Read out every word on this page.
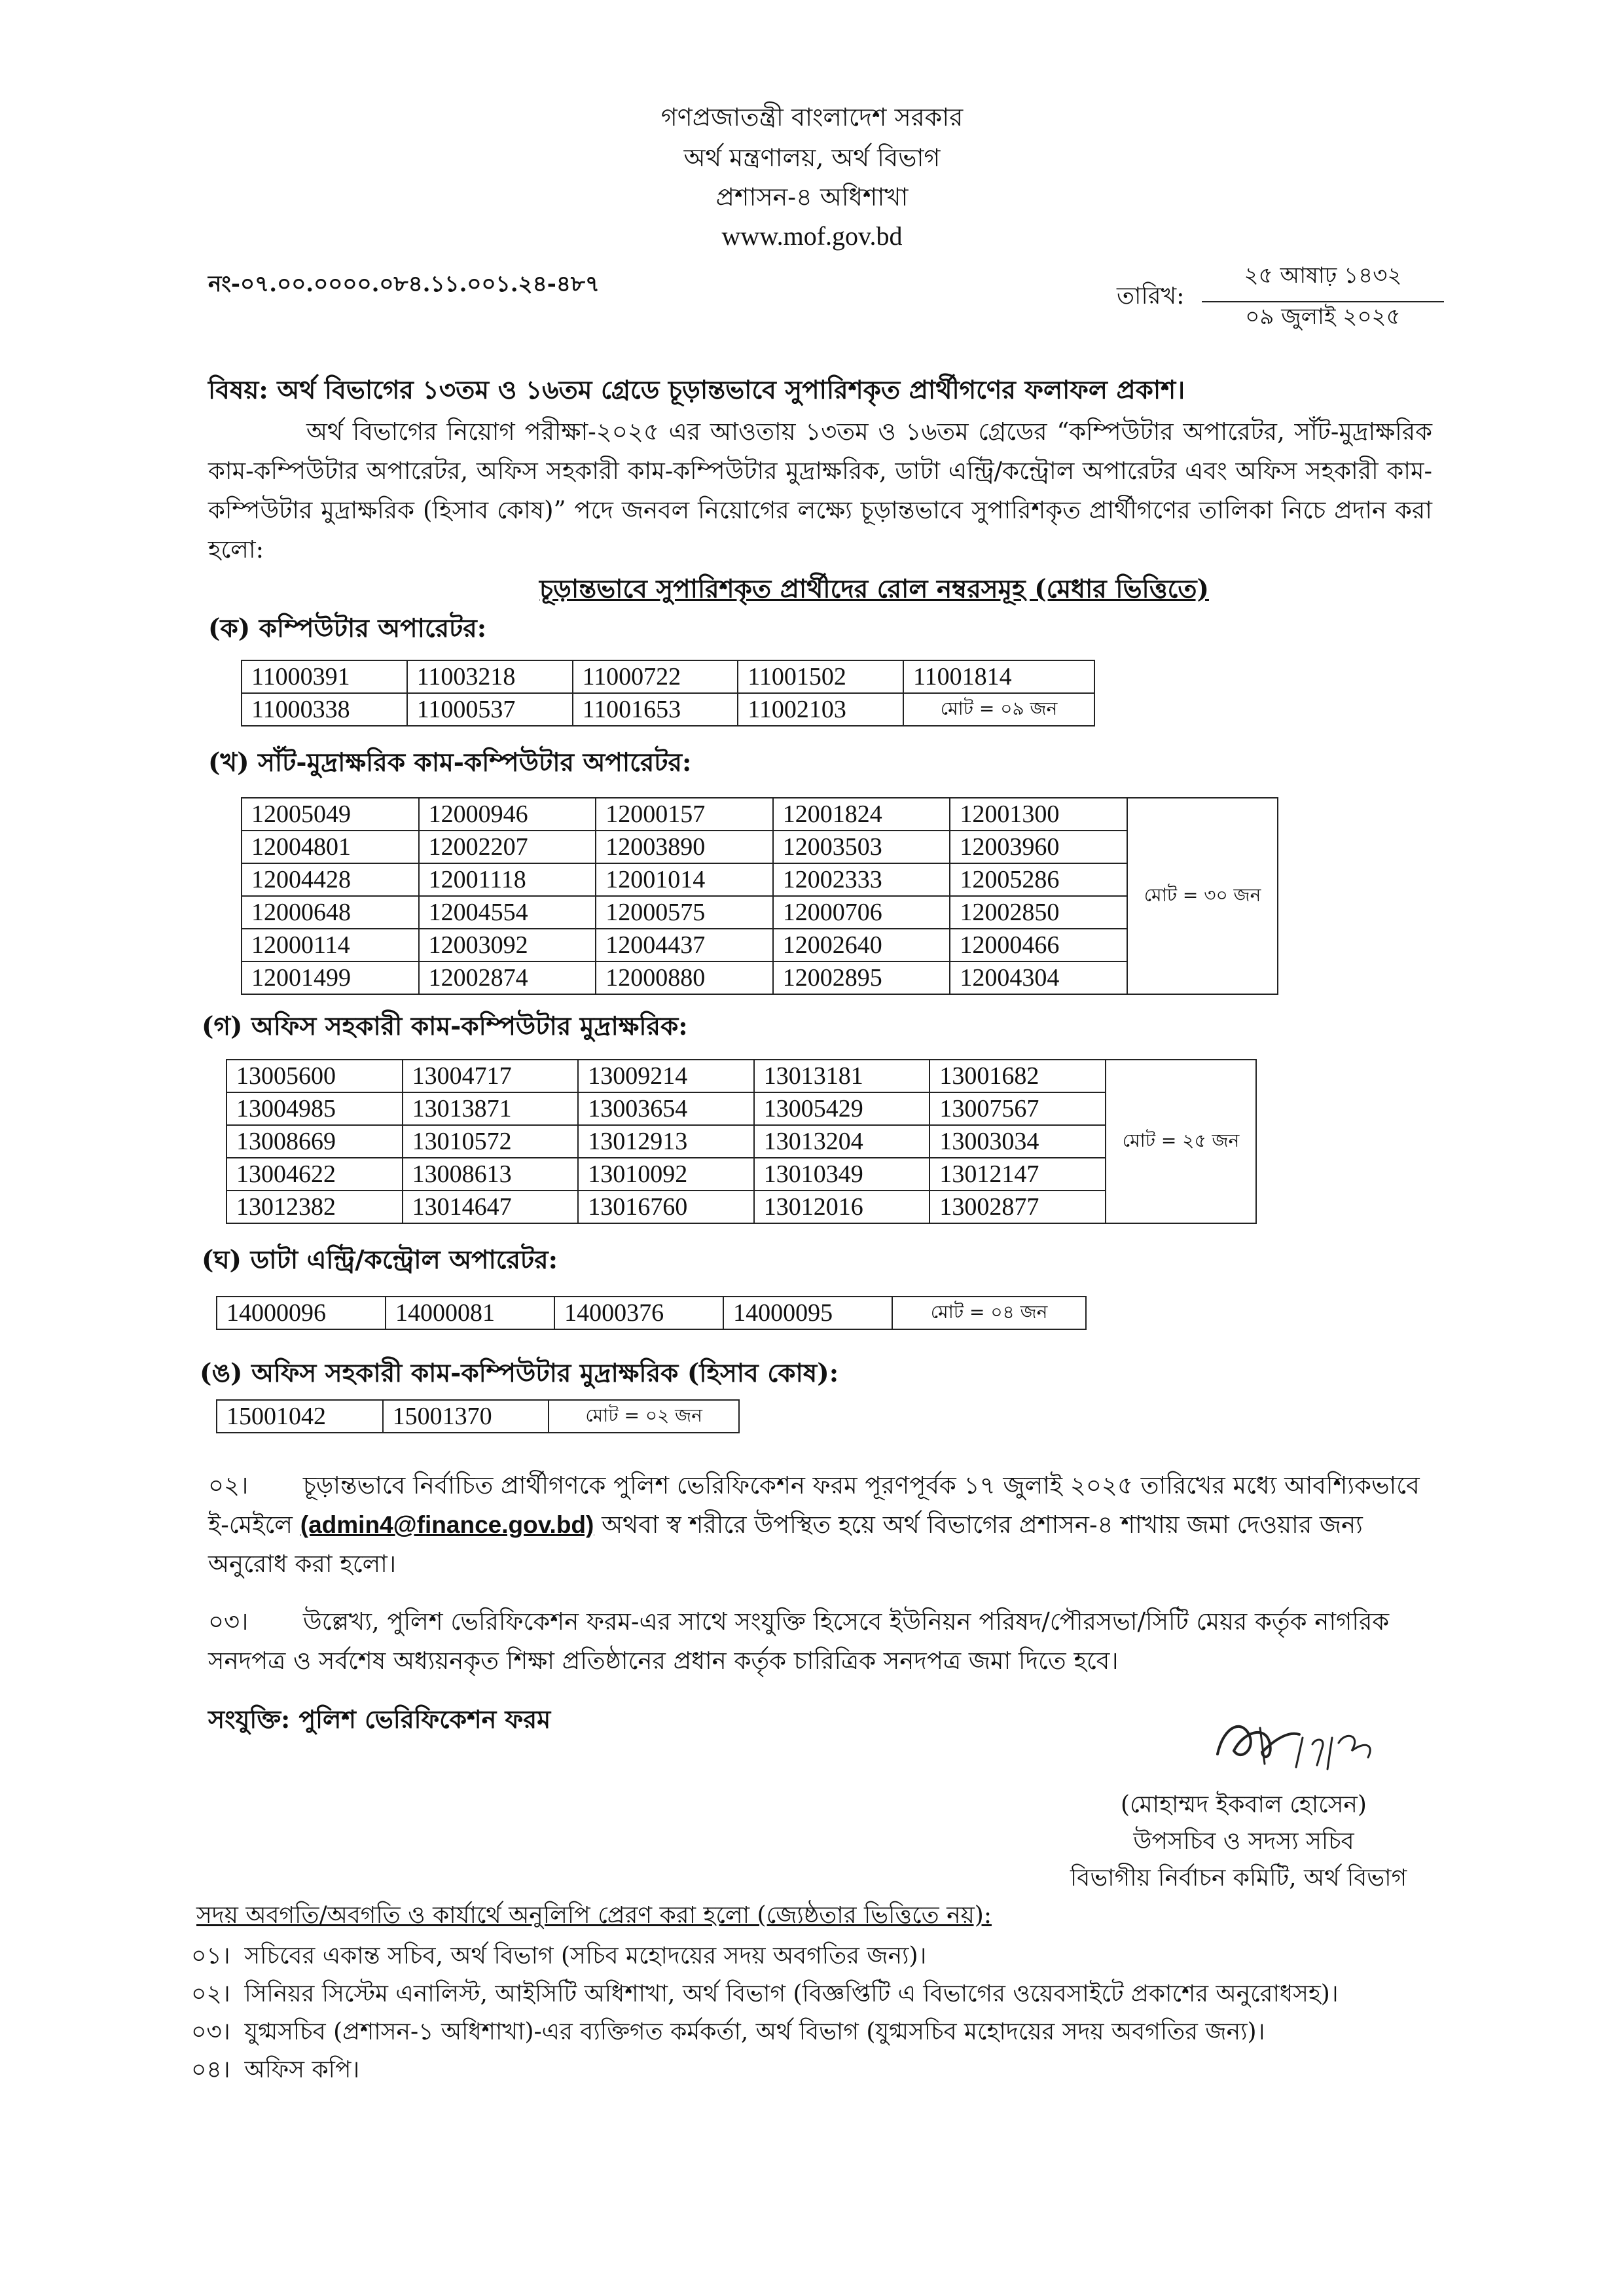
গণপ্রজাতন্ত্রী বাংলাদেশ সরকার
অর্থ মন্ত্রণালয়, অর্থ বিভাগ
প্রশাসন-৪ অধিশাখা
www.mof.gov.bd
নং-০৭.০০.০০০০.০৮৪.১১.০০১.২৪-৪৮৭	তারিখ:
২৫ আষাঢ় ১৪৩২
০৯ জুলাই ২০২৫
বিষয়: অর্থ বিভাগের ১৩তম ও ১৬তম গ্রেডে চূড়ান্তভাবে সুপারিশকৃত প্রার্থীগণের ফলাফল প্রকাশ।
অর্থ বিভাগের নিয়োগ পরীক্ষা-২০২৫ এর আওতায় ১৩তম ও ১৬তম গ্রেডের “কম্পিউটার অপারেটর, সাঁট-মুদ্রাক্ষরিক কাম-কম্পিউটার অপারেটর, অফিস সহকারী কাম-কম্পিউটার মুদ্রাক্ষরিক, ডাটা এন্ট্রি/কন্ট্রোল অপারেটর এবং অফিস সহকারী কাম-কম্পিউটার মুদ্রাক্ষরিক (হিসাব কোষ)” পদে জনবল নিয়োগের লক্ষ্যে চূড়ান্তভাবে সুপারিশকৃত প্রার্থীগণের তালিকা নিচে প্রদান করা হলো:
চূড়ান্তভাবে সুপারিশকৃত প্রার্থীদের রোল নম্বরসমূহ (মেধার ভিত্তিতে)
(ক) কম্পিউটার অপারেটর:
11000391	11003218	11000722	11001502	11001814
11000338	11000537	11001653	11002103	মোট = ০৯ জন
(খ) সাঁট-মুদ্রাক্ষরিক কাম-কম্পিউটার অপারেটর:
12005049	12000946	12000157	12001824	12001300	মোট = ৩০ জন
12004801	12002207	12003890	12003503	12003960	
12004428	12001118	12001014	12002333	12005286	
12000648	12004554	12000575	12000706	12002850	
12000114	12003092	12004437	12002640	12000466	
12001499	12002874	12000880	12002895	12004304	
(গ) অফিস সহকারী কাম-কম্পিউটার মুদ্রাক্ষরিক:
13005600	13004717	13009214	13013181	13001682	মোট = ২৫ জন
13004985	13013871	13003654	13005429	13007567	
13008669	13010572	13012913	13013204	13003034	
13004622	13008613	13010092	13010349	13012147	
13012382	13014647	13016760	13012016	13002877	
(ঘ) ডাটা এন্ট্রি/কন্ট্রোল অপারেটর:
14000096	14000081	14000376	14000095	মোট = ০৪ জন
(ঙ) অফিস সহকারী কাম-কম্পিউটার মুদ্রাক্ষরিক (হিসাব কোষ):
15001042	15001370	মোট = ০২ জন
০২। চূড়ান্তভাবে নির্বাচিত প্রার্থীগণকে পুলিশ ভেরিফিকেশন ফরম পূরণপূর্বক ১৭ জুলাই ২০২৫ তারিখের মধ্যে আবশ্যিকভাবে ই-মেইলে (admin4@finance.gov.bd) অথবা স্ব শরীরে উপস্থিত হয়ে অর্থ বিভাগের প্রশাসন-৪ শাখায় জমা দেওয়ার জন্য অনুরোধ করা হলো।
০৩। উল্লেখ্য, পুলিশ ভেরিফিকেশন ফরম-এর সাথে সংযুক্তি হিসেবে ইউনিয়ন পরিষদ/পৌরসভা/সিটি মেয়র কর্তৃক নাগরিক সনদপত্র ও সর্বশেষ অধ্যয়নকৃত শিক্ষা প্রতিষ্ঠানের প্রধান কর্তৃক চারিত্রিক সনদপত্র জমা দিতে হবে।
সংযুক্তি: পুলিশ ভেরিফিকেশন ফরম
(মোহাম্মদ ইকবাল হোসেন)
উপসচিব ও সদস্য সচিব
বিভাগীয় নির্বাচন কমিটি, অর্থ বিভাগ
সদয় অবগতি/অবগতি ও কার্যার্থে অনুলিপি প্রেরণ করা হলো (জ্যেষ্ঠতার ভিত্তিতে নয়):
০১। সচিবের একান্ত সচিব, অর্থ বিভাগ (সচিব মহোদয়ের সদয় অবগতির জন্য)।
০২। সিনিয়র সিস্টেম এনালিস্ট, আইসিটি অধিশাখা, অর্থ বিভাগ (বিজ্ঞপ্তিটি এ বিভাগের ওয়েবসাইটে প্রকাশের অনুরোধসহ)।
০৩। যুগ্মসচিব (প্রশাসন-১ অধিশাখা)-এর ব্যক্তিগত কর্মকর্তা, অর্থ বিভাগ (যুগ্মসচিব মহোদয়ের সদয় অবগতির জন্য)।
০৪। অফিস কপি।
